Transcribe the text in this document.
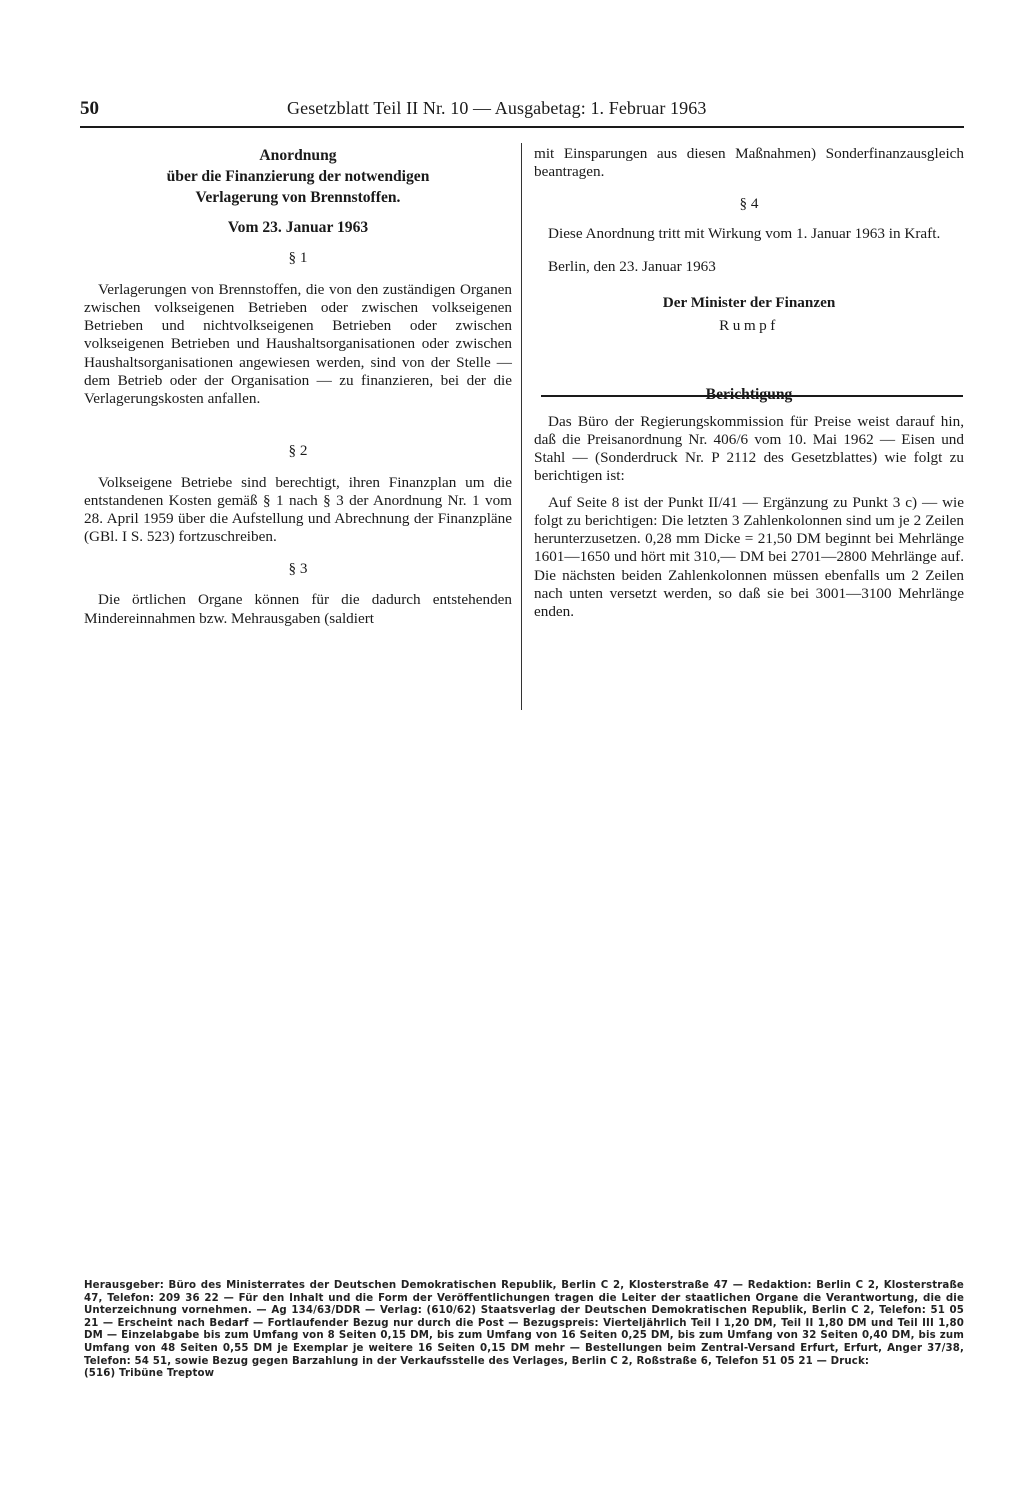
50	Gesetzblatt Teil II Nr. 10 — Ausgabetag: 1. Februar 1963
Anordnung
über die Finanzierung der notwendigen
Verlagerung von Brennstoffen.
Vom 23. Januar 1963
§ 1

Verlagerungen von Brennstoffen, die von den zuständigen Organen zwischen volkseigenen Betrieben oder zwischen volkseigenen Betrieben und nichtvolkseigenen Betrieben oder zwischen volkseigenen Betrieben und Haushaltsorganisationen oder zwischen Haushaltsorganisationen angewiesen werden, sind von der Stelle — dem Betrieb oder der Organisation — zu finanzieren, bei der die Verlagerungskosten anfallen.

§ 2

Volkseigene Betriebe sind berechtigt, ihren Finanzplan um die entstandenen Kosten gemäß § 1 nach § 3 der Anordnung Nr. 1 vom 28. April 1959 über die Aufstellung und Abrechnung der Finanzpläne (GBl. I S. 523) fortzuschreiben.

§ 3

Die örtlichen Organe können für die dadurch entstehenden Mindereinnahmen bzw. Mehrausgaben (saldiert

mit Einsparungen aus diesen Maßnahmen) Sonderfinanzausgleich beantragen.

§ 4

Diese Anordnung tritt mit Wirkung vom 1. Januar 1963 in Kraft.

Berlin, den 23. Januar 1963
Der Minister der Finanzen
Rumpf

Das Büro der Regierungskommission für Preise weist darauf hin, daß die Preisanordnung Nr. 406/6 vom 10. Mai 1962 — Eisen und Stahl — (Sonderdruck Nr. P 2112 des Gesetzblattes) wie folgt zu berichtigen ist:

Auf Seite 8 ist der Punkt II/41 — Ergänzung zu Punkt 3 c) — wie folgt zu berichtigen: Die letzten 3 Zahlenkolonnen sind um je 2 Zeilen herunterzusetzen. 0,28 mm Dicke = 21,50 DM beginnt bei Mehrlänge 1601—1650 und hört mit 310,— DM bei 2701—2800 Mehrlänge auf. Die nächsten beiden Zahlenkolonnen müssen ebenfalls um 2 Zeilen nach unten versetzt werden, so daß sie bei 3001—3100 Mehrlänge enden.

Herausgeber: Büro des Ministerrates der Deutschen Demokratischen Republik, Berlin C 2, Klosterstraße 47 — Redaktion: Berlin C 2, Klosterstraße 47, Telefon: 209 36 22 — Für den Inhalt und die Form der Veröffentlichungen tragen die Leiter der staatlichen Organe die Verantwortung, die die Unterzeichnung vornehmen. — Ag 134/63/DDR — Verlag: (610/62) Staatsverlag der Deutschen Demokratischen Republik, Berlin C 2, Telefon: 51 05 21 — Erscheint nach Bedarf — Fortlaufender Bezug nur durch die Post — Bezugspreis: Vierteljährlich Teil I 1,20 DM, Teil II 1,80 DM und Teil III 1,80 DM — Einzelabgabe bis zum Umfang von 8 Seiten 0,15 DM, bis zum Umfang von 16 Seiten 0,25 DM, bis zum Umfang von 32 Seiten 0,40 DM, bis zum Umfang von 48 Seiten 0,55 DM je Exemplar je weitere 16 Seiten 0,15 DM mehr — Bestellungen beim Zentral-Versand Erfurt, Erfurt, Anger 37/38, Telefon: 54 51, sowie Bezug gegen Barzahlung in der Verkaufsstelle des Verlages, Berlin C 2, Roßstraße 6, Telefon 51 05 21 — Druck:
(516) Tribüne Treptow
